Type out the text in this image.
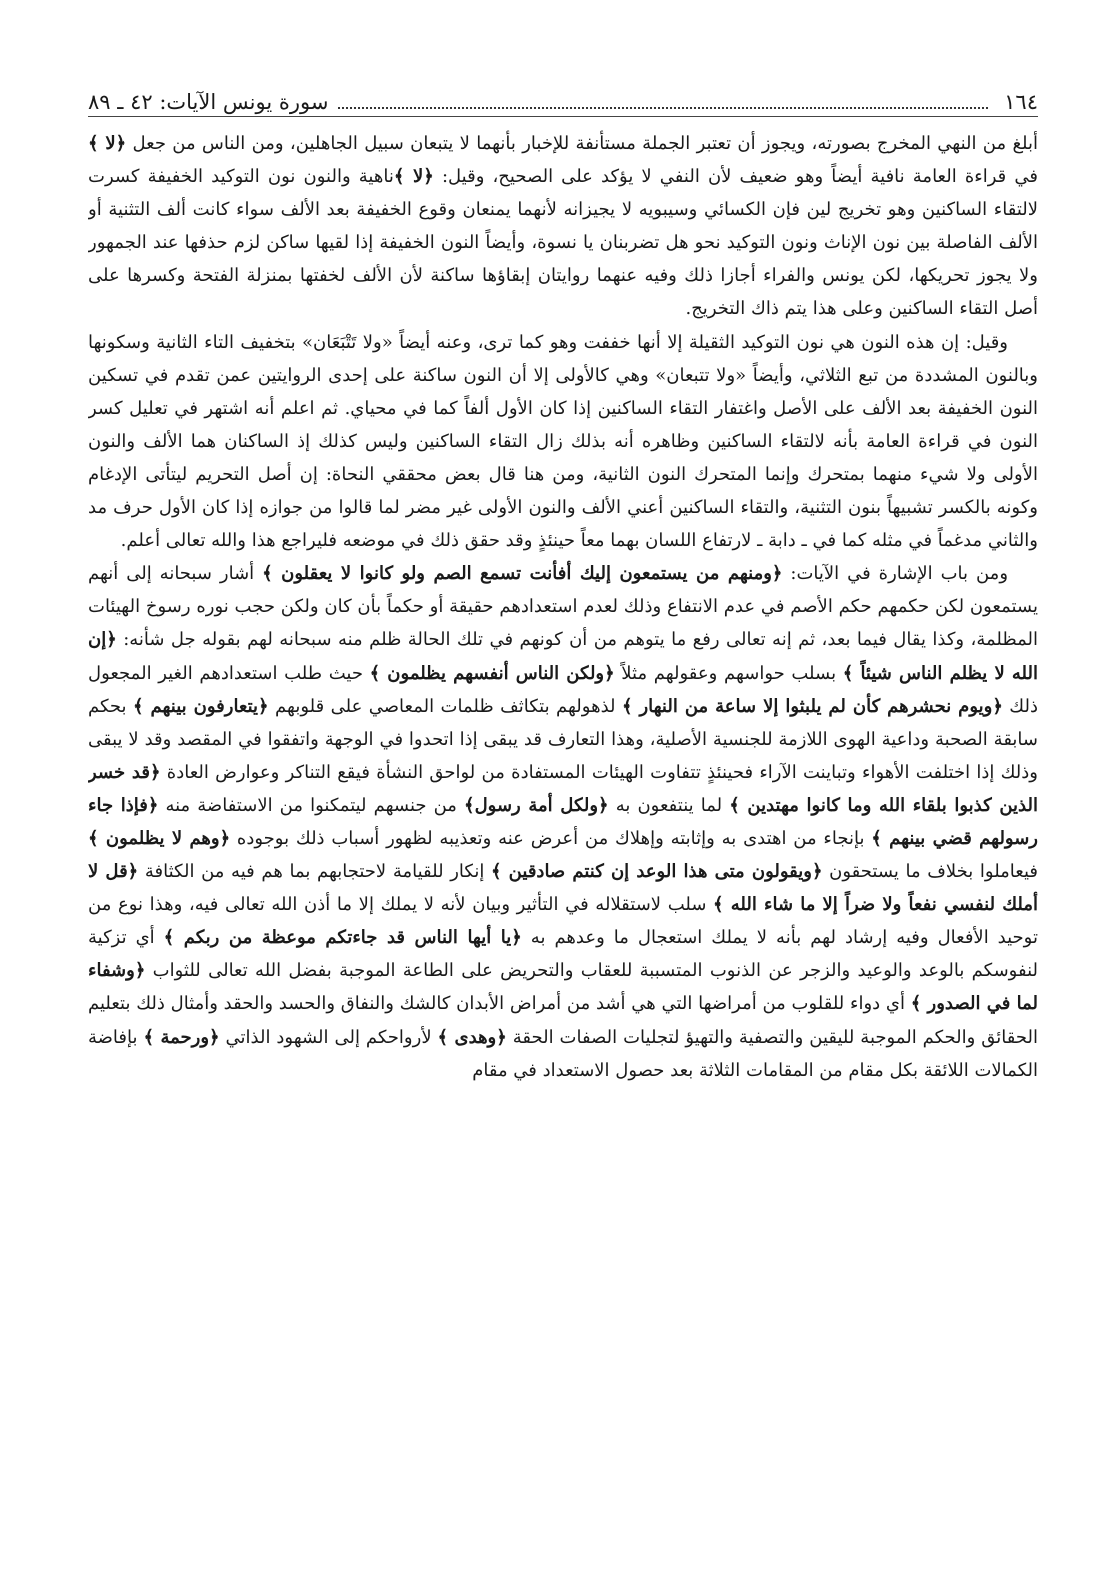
١٦٤
سورة يونس الآيات: ٤٢ ـ ٨٩

أبلغ من النهي المخرج بصورته، ويجوز أن تعتبر الجملة مستأنفة للإخبار بأنهما لا يتبعان سبيل الجاهلين، ومن الناس من جعل ﴿لا ﴾ في قراءة العامة نافية أيضاً وهو ضعيف لأن النفي لا يؤكد على الصحيح، وقيل: ﴿لا ﴾ناهية والنون نون التوكيد الخفيفة كسرت لالتقاء الساكنين وهو تخريج لين فإن الكسائي وسيبويه لا يجيزانه لأنهما يمنعان وقوع الخفيفة بعد الألف سواء كانت ألف التثنية أو الألف الفاصلة بين نون الإناث ونون التوكيد نحو هل تضربنان يا نسوة، وأيضاً النون الخفيفة إذا لقيها ساكن لزم حذفها عند الجمهور ولا يجوز تحريكها، لكن يونس والفراء أجازا ذلك وفيه عنهما روايتان إبقاؤها ساكنة لأن الألف لخفتها بمنزلة الفتحة وكسرها على أصل التقاء الساكنين وعلى هذا يتم ذاك التخريج.

وقيل: إن هذه النون هي نون التوكيد الثقيلة إلا أنها خففت وهو كما ترى، وعنه أيضاً «ولا تَتْبَعَان» بتخفيف التاء الثانية وسكونها وبالنون المشددة من تبع الثلاثي، وأيضاً «ولا تتبعان» وهي كالأولى إلا أن النون ساكنة على إحدى الروايتين عمن تقدم في تسكين النون الخفيفة بعد الألف على الأصل واغتفار التقاء الساكنين إذا كان الأول ألفاً كما في محياي. ثم اعلم أنه اشتهر في تعليل كسر النون في قراءة العامة بأنه لالتقاء الساكنين وظاهره أنه بذلك زال التقاء الساكنين وليس كذلك إذ الساكنان هما الألف والنون الأولى ولا شيء منهما بمتحرك وإنما المتحرك النون الثانية، ومن هنا قال بعض محققي النحاة: إن أصل التحريم ليتأتى الإدغام وكونه بالكسر تشبيهاً بنون التثنية، والتقاء الساكنين أعني الألف والنون الأولى غير مضر لما قالوا من جوازه إذا كان الأول حرف مد والثاني مدغماً في مثله كما في ـ دابة ـ لارتفاع اللسان بهما معاً حينئذٍ وقد حقق ذلك في موضعه فليراجع هذا والله تعالى أعلم.

ومن باب الإشارة في الآيات: ﴿ومنهم من يستمعون إليك أفأنت تسمع الصم ولو كانوا لا يعقلون ﴾ أشار سبحانه إلى أنهم يستمعون لكن حكمهم حكم الأصم في عدم الانتفاع وذلك لعدم استعدادهم حقيقة أو حكماً بأن كان ولكن حجب نوره رسوخ الهيئات المظلمة، وكذا يقال فيما بعد، ثم إنه تعالى رفع ما يتوهم من أن كونهم في تلك الحالة ظلم منه سبحانه لهم بقوله جل شأنه: ﴿إن الله لا يظلم الناس شيئاً ﴾ بسلب حواسهم وعقولهم مثلاً ﴿ولكن الناس أنفسهم يظلمون ﴾ حيث طلب استعدادهم الغير المجعول ذلك ﴿ويوم نحشرهم كأن لم يلبثوا إلا ساعة من النهار ﴾ لذهولهم بتكاثف ظلمات المعاصي على قلوبهم ﴿يتعارفون بينهم ﴾ بحكم سابقة الصحبة وداعية الهوى اللازمة للجنسية الأصلية، وهذا التعارف قد يبقى إذا اتحدوا في الوجهة واتفقوا في المقصد وقد لا يبقى وذلك إذا اختلفت الأهواء وتباينت الآراء فحينئذٍ تتفاوت الهيئات المستفادة من لواحق النشأة فيقع التناكر وعوارض العادة ﴿قد خسر الذين كذبوا بلقاء الله وما كانوا مهتدين ﴾ لما ينتفعون به ﴿ولكل أمة رسول﴾ من جنسهم ليتمكنوا من الاستفاضة منه ﴿فإذا جاء رسولهم قضي بينهم ﴾ بإنجاء من اهتدى به وإثابته وإهلاك من أعرض عنه وتعذيبه لظهور أسباب ذلك بوجوده ﴿وهم لا يظلمون ﴾ فيعاملوا بخلاف ما يستحقون ﴿ويقولون متى هذا الوعد إن كنتم صادقين ﴾ إنكار للقيامة لاحتجابهم بما هم فيه من الكثافة ﴿قل لا أملك لنفسي نفعاً ولا ضراً إلا ما شاء الله ﴾ سلب لاستقلاله في التأثير وبيان لأنه لا يملك إلا ما أذن الله تعالى فيه، وهذا نوع من توحيد الأفعال وفيه إرشاد لهم بأنه لا يملك استعجال ما وعدهم به ﴿يا أيها الناس قد جاءتكم موعظة من ربكم ﴾ أي تزكية لنفوسكم بالوعد والوعيد والزجر عن الذنوب المتسببة للعقاب والتحريض على الطاعة الموجبة بفضل الله تعالى للثواب ﴿وشفاء لما في الصدور ﴾ أي دواء للقلوب من أمراضها التي هي أشد من أمراض الأبدان كالشك والنفاق والحسد والحقد وأمثال ذلك بتعليم الحقائق والحكم الموجبة لليقين والتصفية والتهيؤ لتجليات الصفات الحقة ﴿وهدى ﴾ لأرواحكم إلى الشهود الذاتي ﴿ورحمة ﴾ بإفاضة الكمالات اللائقة بكل مقام من المقامات الثلاثة بعد حصول الاستعداد في مقام
